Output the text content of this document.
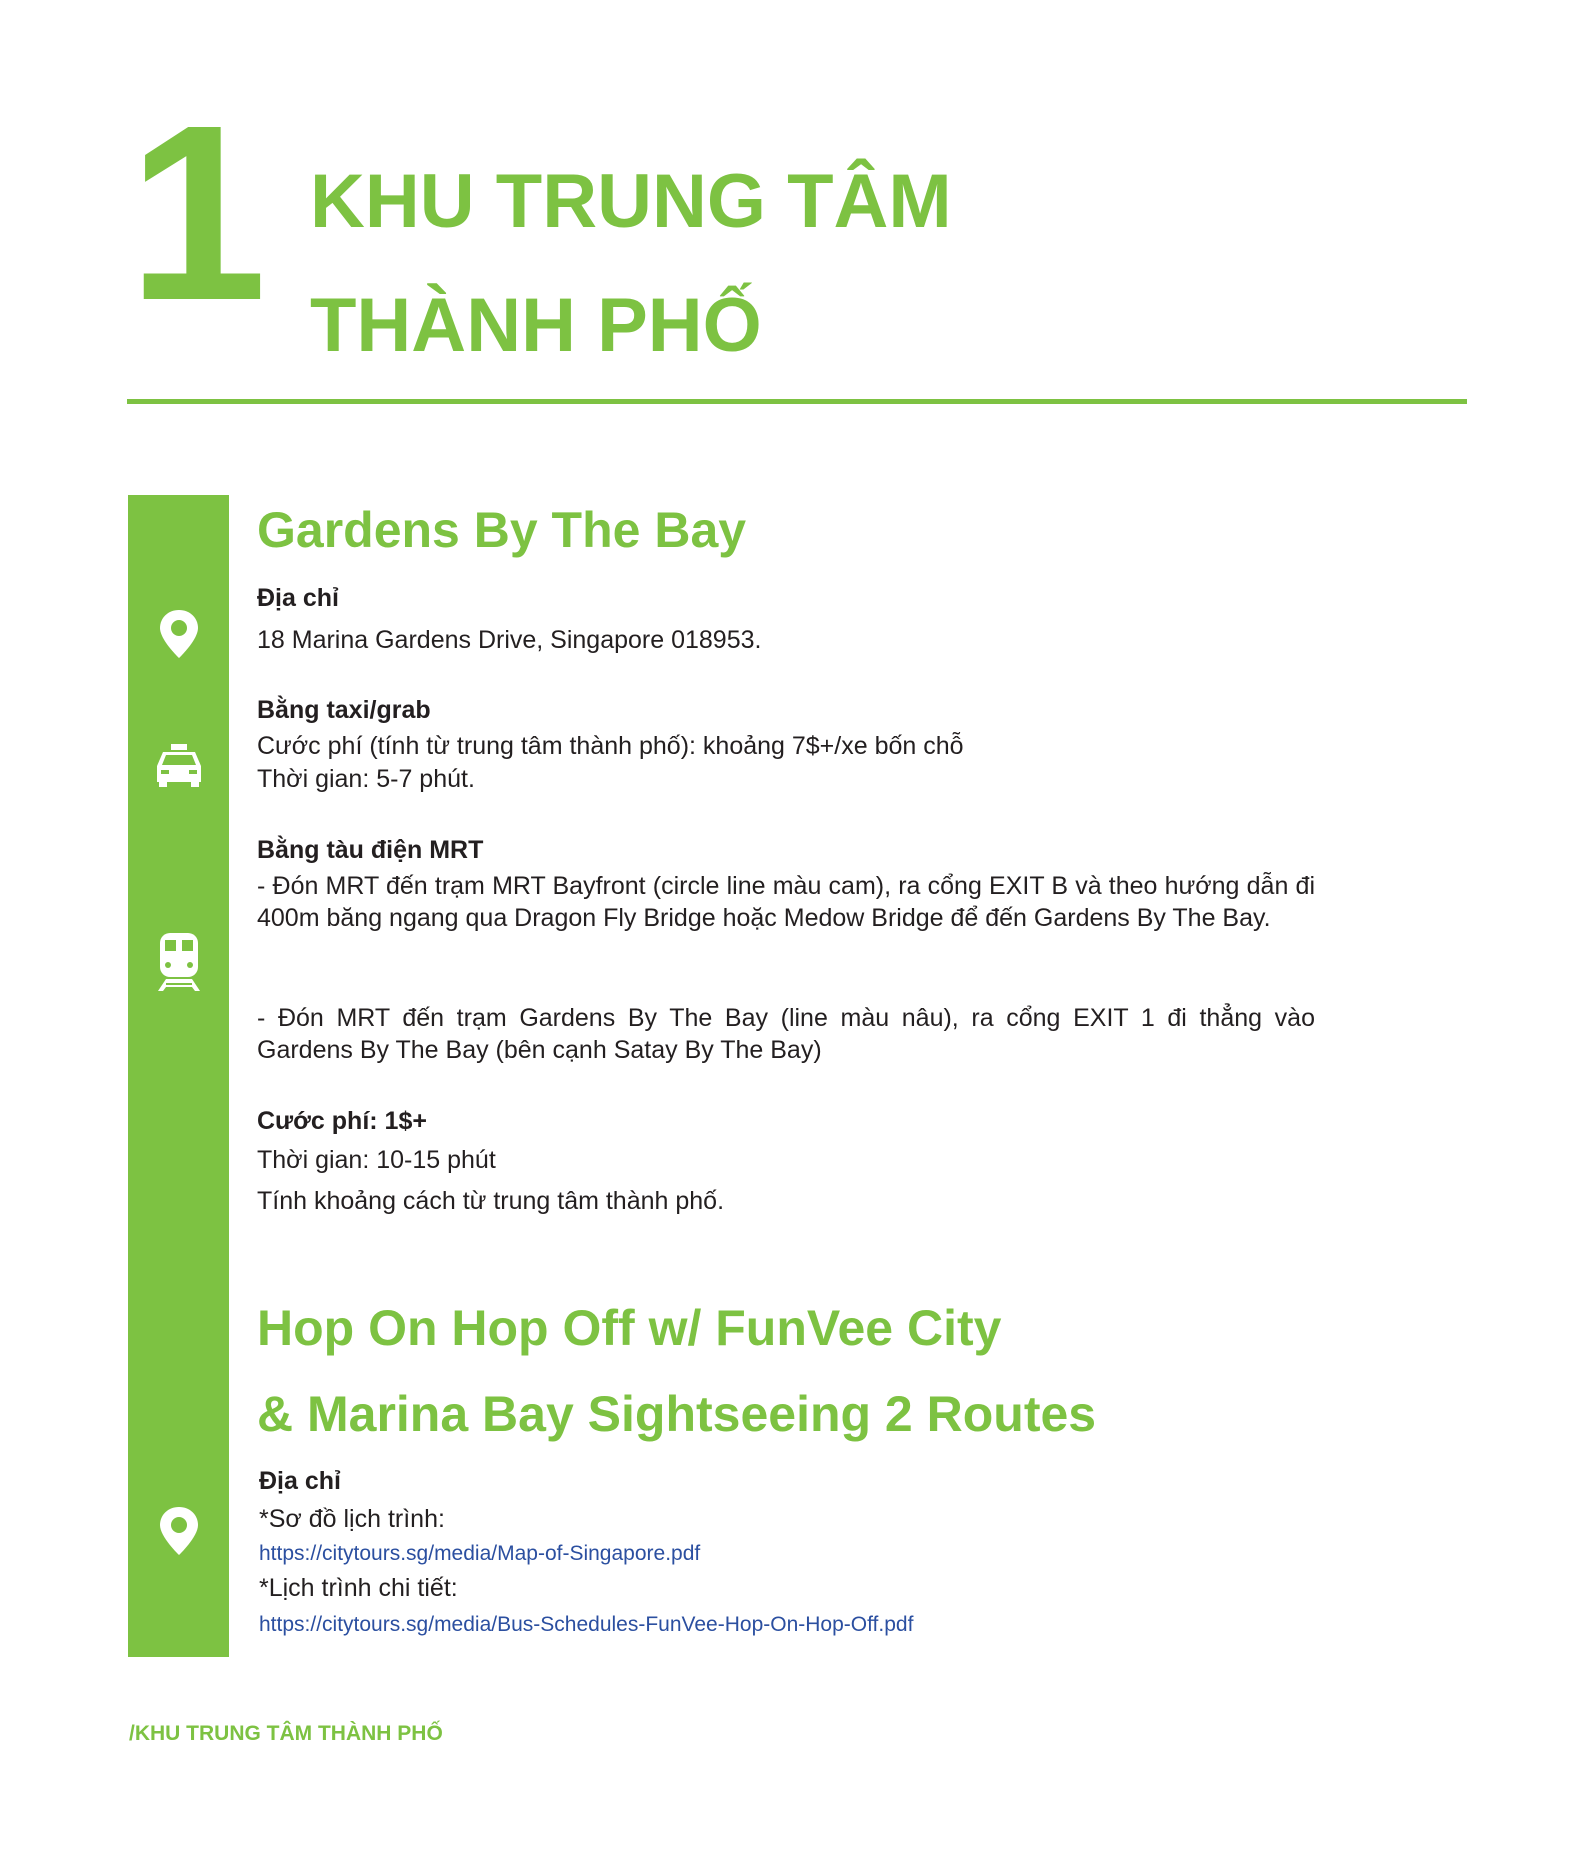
1 KHU TRUNG TÂM
THÀNH PHỐ
Gardens By The Bay
Địa chỉ
18 Marina Gardens Drive, Singapore 018953.
Bằng taxi/grab
Cước phí (tính từ trung tâm thành phố): khoảng 7$+/xe bốn chỗ
Thời gian: 5-7 phút.
Bằng tàu điện MRT
- Đón MRT đến trạm MRT Bayfront (circle line màu cam), ra cổng EXIT B và theo hướng dẫn đi 400m băng ngang qua Dragon Fly Bridge hoặc Medow Bridge để đến Gardens By The Bay.
- Đón MRT đến trạm Gardens By The Bay (line màu nâu), ra cổng EXIT 1 đi thẳng vào Gardens By The Bay (bên cạnh Satay By The Bay)
Cước phí: 1$+
Thời gian: 10-15 phút
Tính khoảng cách từ trung tâm thành phố.
Hop On Hop Off w/ FunVee City
& Marina Bay Sightseeing 2 Routes
Địa chỉ
*Sơ đồ lịch trình:
https://citytours.sg/media/Map-of-Singapore.pdf
*Lịch trình chi tiết:
https://citytours.sg/media/Bus-Schedules-FunVee-Hop-On-Hop-Off.pdf
/KHU TRUNG TÂM THÀNH PHỐ
